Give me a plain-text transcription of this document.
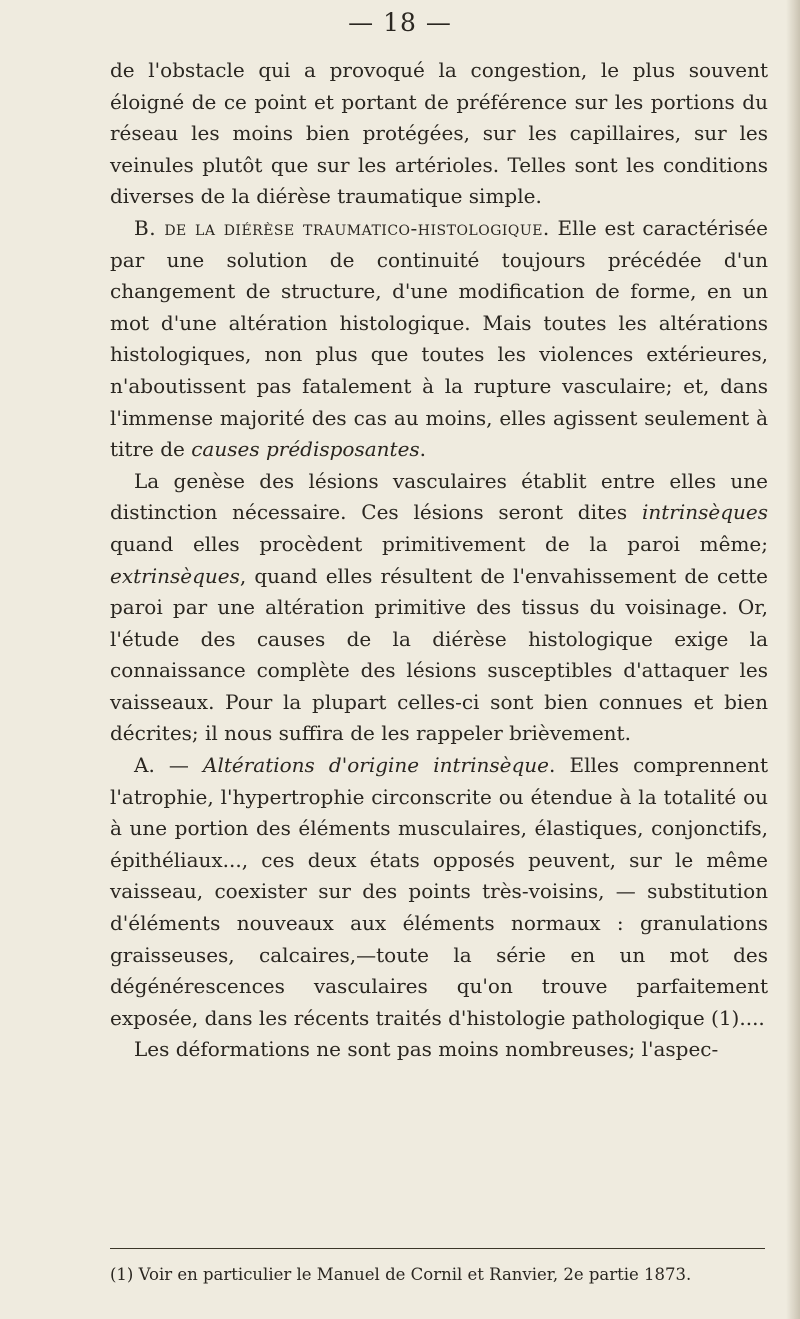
— 18 —

de l'obstacle qui a provoqué la congestion, le plus souvent éloigné de ce point et portant de préférence sur les portions du réseau les moins bien protégées, sur les capillaires, sur les veinules plutôt que sur les artérioles. Telles sont les conditions diverses de la diérèse traumatique simple.

B. de la diérèse traumatico-histologique. Elle est caractérisée par une solution de continuité toujours précédée d'un changement de structure, d'une modification de forme, en un mot d'une altération histologique. Mais toutes les altérations histologiques, non plus que toutes les violences extérieures, n'aboutissent pas fatalement à la rupture vasculaire; et, dans l'immense majorité des cas au moins, elles agissent seulement à titre de causes prédisposantes.

La genèse des lésions vasculaires établit entre elles une distinction nécessaire. Ces lésions seront dites intrinsèques quand elles procèdent primitivement de la paroi même; extrinsèques, quand elles résultent de l'envahissement de cette paroi par une altération primitive des tissus du voisinage. Or, l'étude des causes de la diérèse histologique exige la connaissance complète des lésions susceptibles d'attaquer les vaisseaux. Pour la plupart celles-ci sont bien connues et bien décrites; il nous suffira de les rappeler brièvement.

A. — Altérations d'origine intrinsèque. Elles comprennent l'atrophie, l'hypertrophie circonscrite ou étendue à la totalité ou à une portion des éléments musculaires, élastiques, conjonctifs, épithéliaux..., ces deux états opposés peuvent, sur le même vaisseau, coexister sur des points très-voisins, — substitution d'éléments nouveaux aux éléments normaux : granulations graisseuses, calcaires,—toute la série en un mot des dégénérescences vasculaires qu'on trouve parfaitement exposée, dans les récents traités d'histologie pathologique (1)....

Les déformations ne sont pas moins nombreuses; l'aspec-

(1) Voir en particulier le Manuel de Cornil et Ranvier, 2e partie 1873.
